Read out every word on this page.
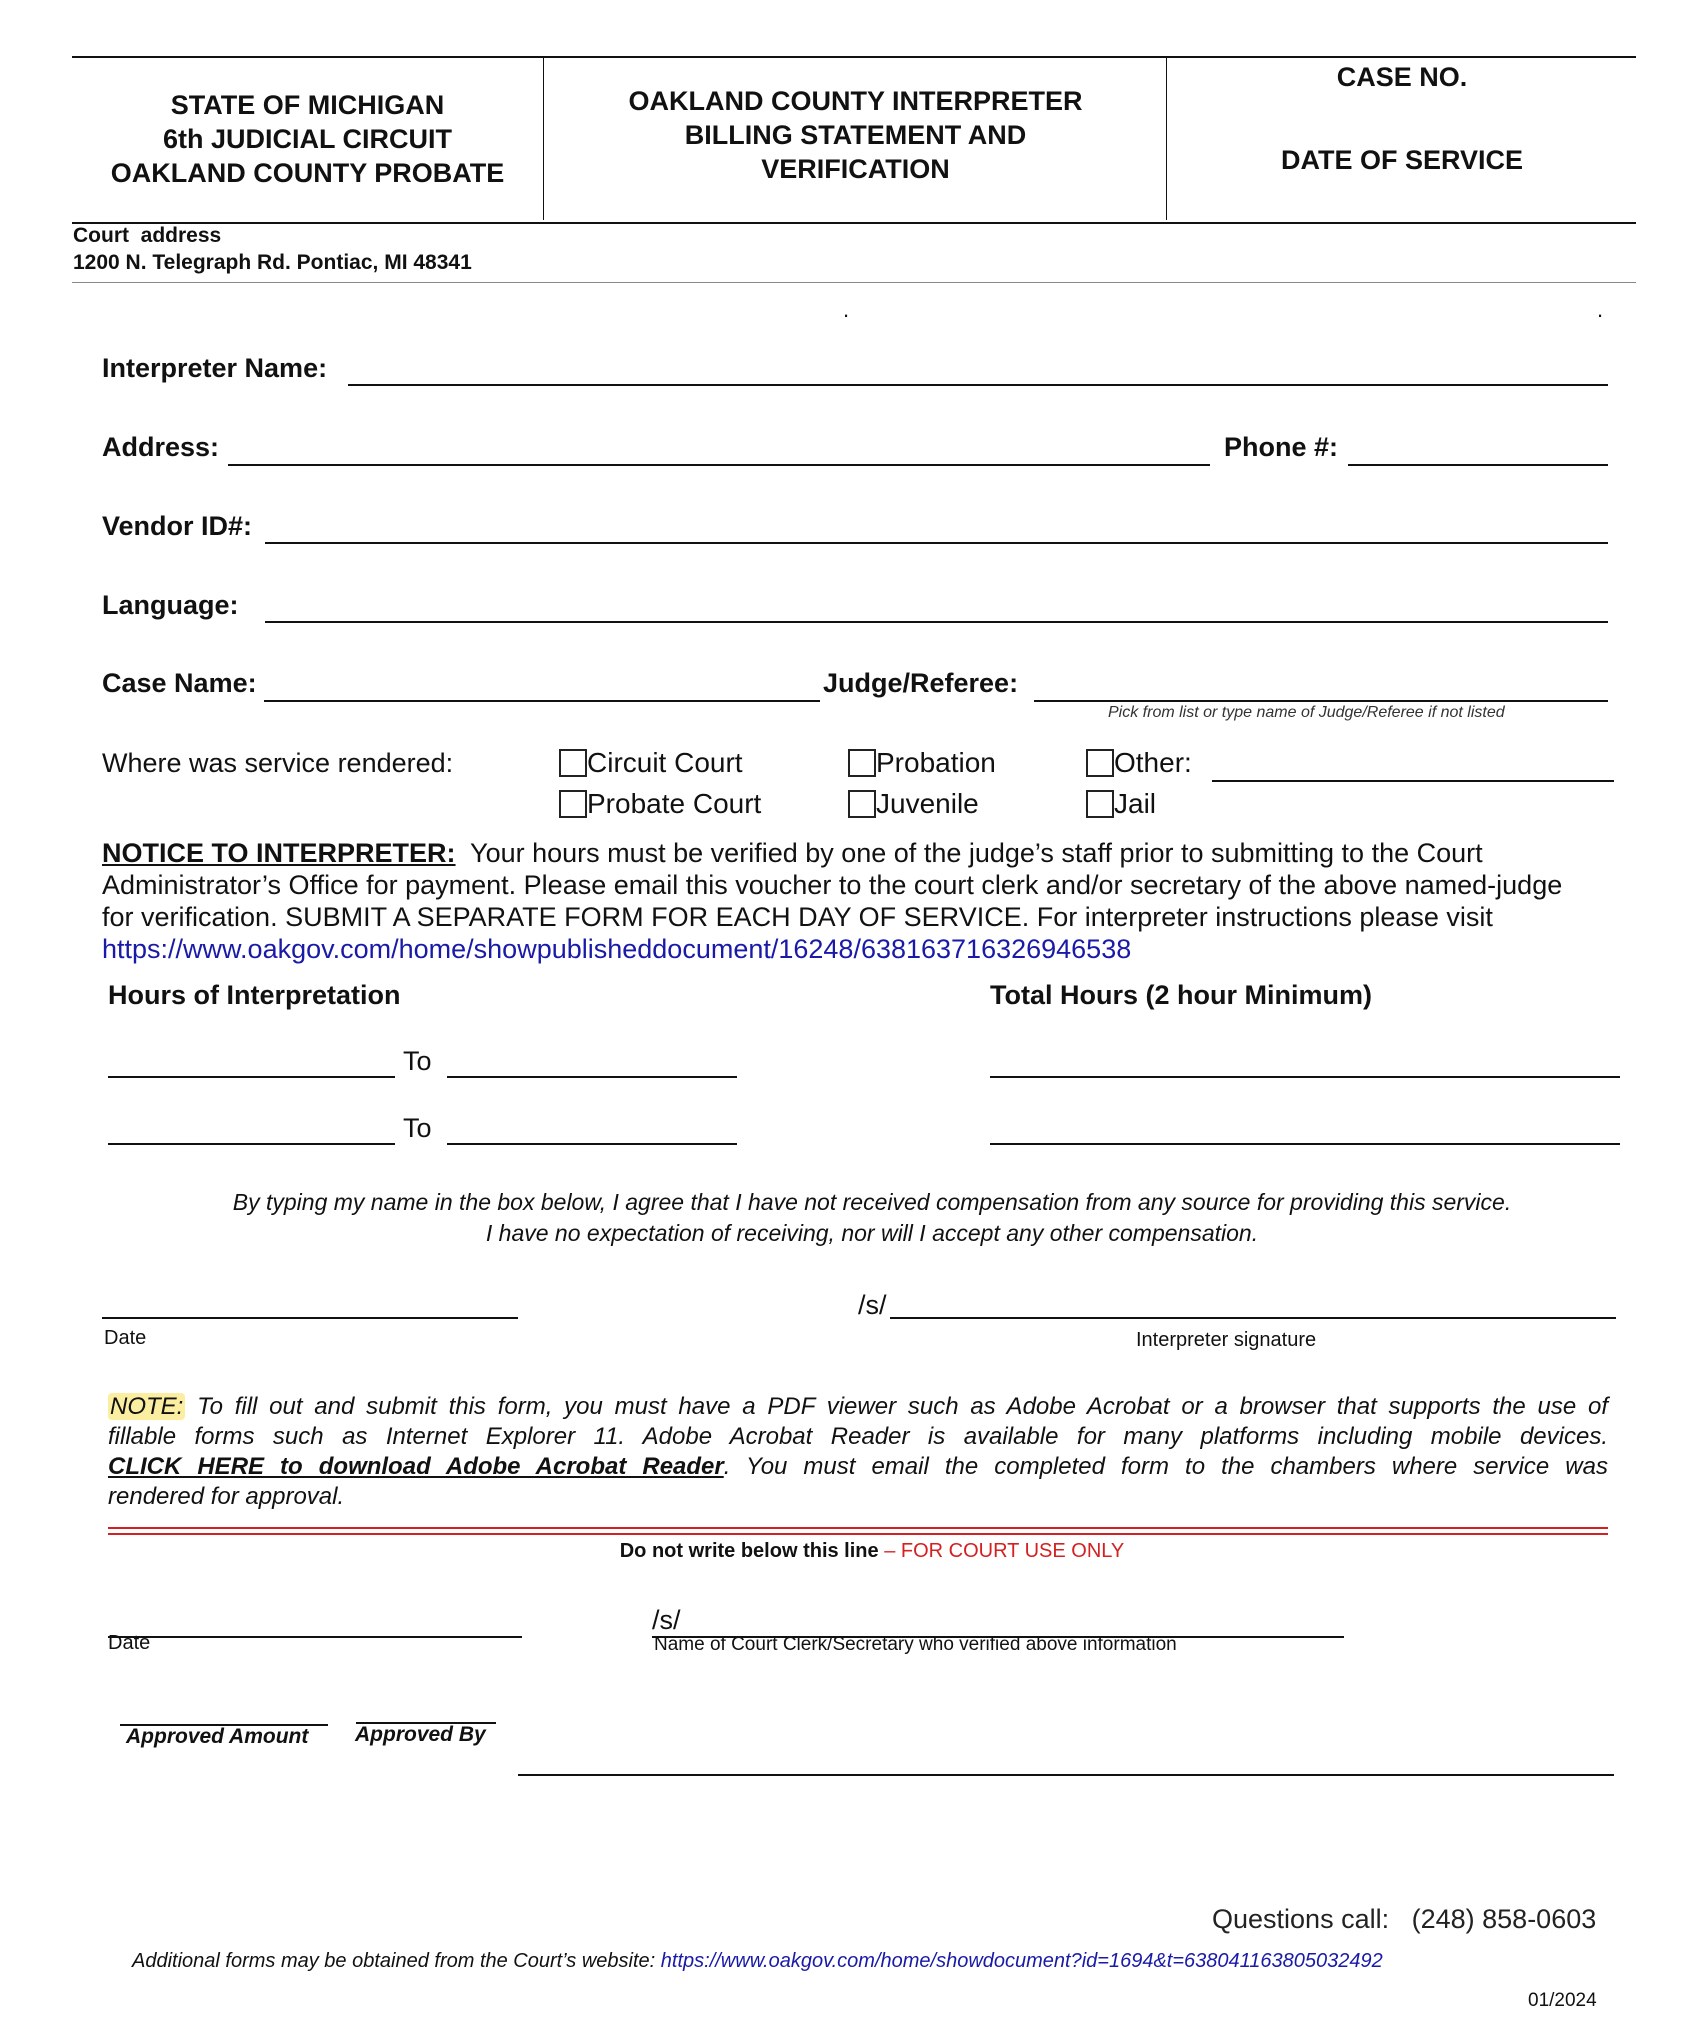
STATE OF MICHIGAN
6th JUDICIAL CIRCUIT
OAKLAND COUNTY PROBATE
OAKLAND COUNTY INTERPRETER
BILLING STATEMENT AND
VERIFICATION
CASE NO.
DATE OF SERVICE
Court  address
1200 N. Telegraph Rd. Pontiac, MI 48341
.	.
Interpreter Name:
Address:	Phone #:
Vendor ID#:
Language:
Case Name:	Judge/Referee:
Pick from list or type name of Judge/Referee if not listed
Where was service rendered:	Circuit Court	Probation	Other:
Probate Court	Juvenile	Jail
NOTICE TO INTERPRETER: Your hours must be verified by one of the judge’s staff prior to submitting to the Court
Administrator’s Office for payment. Please email this voucher to the court clerk and/or secretary of the above named-judge
for verification. SUBMIT A SEPARATE FORM FOR EACH DAY OF SERVICE. For interpreter instructions please visit
https://www.oakgov.com/home/showpublisheddocument/16248/638163716326946538
Hours of Interpretation	Total Hours (2 hour Minimum)
To
To
By typing my name in the box below, I agree that I have not received compensation from any source for providing this service.
I have no expectation of receiving, nor will I accept any other compensation.
Date
/s/
Interpreter signature
NOTE: To fill out and submit this form, you must have a PDF viewer such as Adobe Acrobat or a browser that supports the use of
fillable forms such as Internet Explorer 11. Adobe Acrobat Reader is available for many platforms including mobile devices.
CLICK HERE to download Adobe Acrobat Reader. You must email the completed form to the chambers where service was
rendered for approval.
Do not write below this line – FOR COURT USE ONLY
Date
/s/
Name of Court Clerk/Secretary who verified above information
Approved Amount Approved By
Questions call: (248) 858-0603
Additional forms may be obtained from the Court’s website: https://www.oakgov.com/home/showdocument?id=1694&t=638041163805032492
01/2024
